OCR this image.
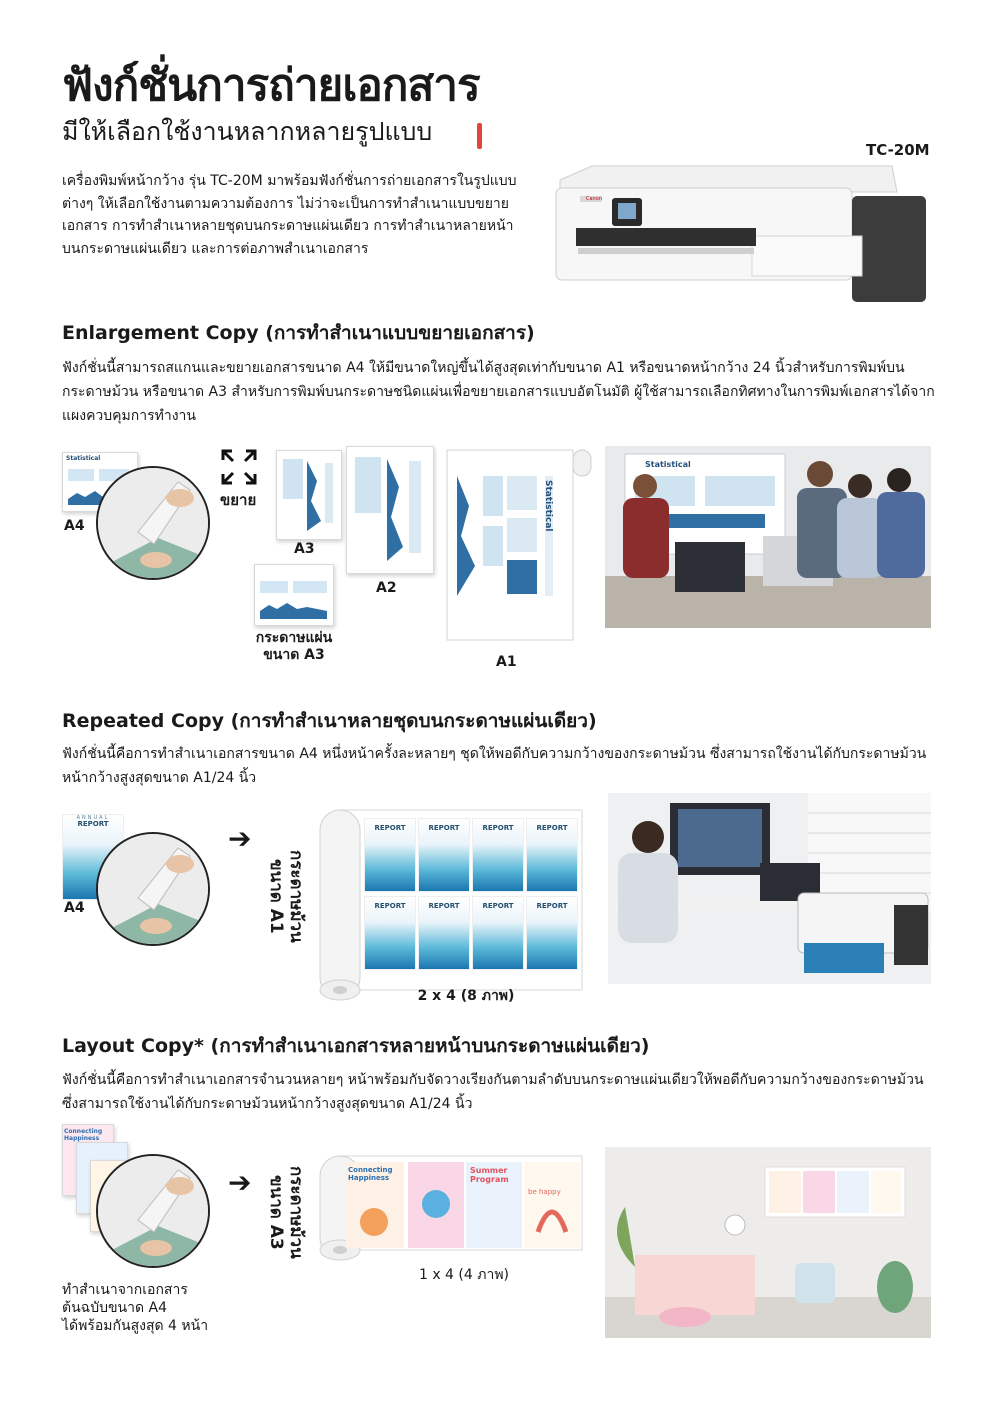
ฟังก์ชั่นการถ่ายเอกสาร
มีให้เลือกใช้งานหลากหลายรูปแบบ
เครื่องพิมพ์หน้ากว้าง รุ่น TC-20M มาพร้อมฟังก์ชั่นการถ่ายเอกสารในรูปแบบต่างๆ ให้เลือกใช้งานตามความต้องการ ไม่ว่าจะเป็นการทำสำเนาแบบขยายเอกสาร การทำสำเนาหลายชุดบนกระดาษแผ่นเดียว การทำสำเนาหลายหน้าบนกระดาษแผ่นเดียว และการต่อภาพสำเนาเอกสาร
TC-20M
Canon
Enlargement Copy (การทำสำเนาแบบขยายเอกสาร)
ฟังก์ชั่นนี้สามารถสแกนและขยายเอกสารขนาด A4 ให้มีขนาดใหญ่ขึ้นได้สูงสุดเท่ากับขนาด A1 หรือขนาดหน้ากว้าง 24 นิ้วสำหรับการพิมพ์บนกระดาษม้วน หรือขนาด A3 สำหรับการพิมพ์บนกระดาษชนิดแผ่นเพื่อขยายเอกสารแบบอัตโนมัติ ผู้ใช้สามารถเลือกทิศทางในการพิมพ์เอกสารได้จากแผงควบคุมการทำงาน
Statistical
A4
ขยาย
A3
A2
Statistical
A1
กระดาษแผ่น
ขนาด A3
Statistical
Repeated Copy (การทำสำเนาหลายชุดบนกระดาษแผ่นเดียว)
ฟังก์ชั่นนี้คือการทำสำเนาเอกสารขนาด A4 หนึ่งหน้าครั้งละหลายๆ ชุดให้พอดีกับความกว้างของกระดาษม้วน ซึ่งสามารถใช้งานได้กับกระดาษม้วนหน้ากว้างสูงสุดขนาด A1/24 นิ้ว
ANNUAL
REPORT
A4
➔
กระดาษม้วน
ขนาด A1
REPORT	REPORT	REPORT	REPORT
REPORT	REPORT	REPORT	REPORT
2 x 4 (8 ภาพ)
Layout Copy* (การทำสำเนาเอกสารหลายหน้าบนกระดาษแผ่นเดียว)
ฟังก์ชั่นนี้คือการทำสำเนาเอกสารจำนวนหลายๆ หน้าพร้อมกับจัดวางเรียงกันตามลำดับบนกระดาษแผ่นเดียวให้พอดีกับความกว้างของกระดาษม้วน ซึ่งสามารถใช้งานได้กับกระดาษม้วนหน้ากว้างสูงสุดขนาด A1/24 นิ้ว
Connecting
Happiness
ทำสำเนาจากเอกสาร
ต้นฉบับขนาด A4
ได้พร้อมกันสูงสุด 4 หน้า
➔	กระดาษม้วน
ขนาด A3
Connecting
Happiness
Summer
Program
be happy
1 x 4 (4 ภาพ)
